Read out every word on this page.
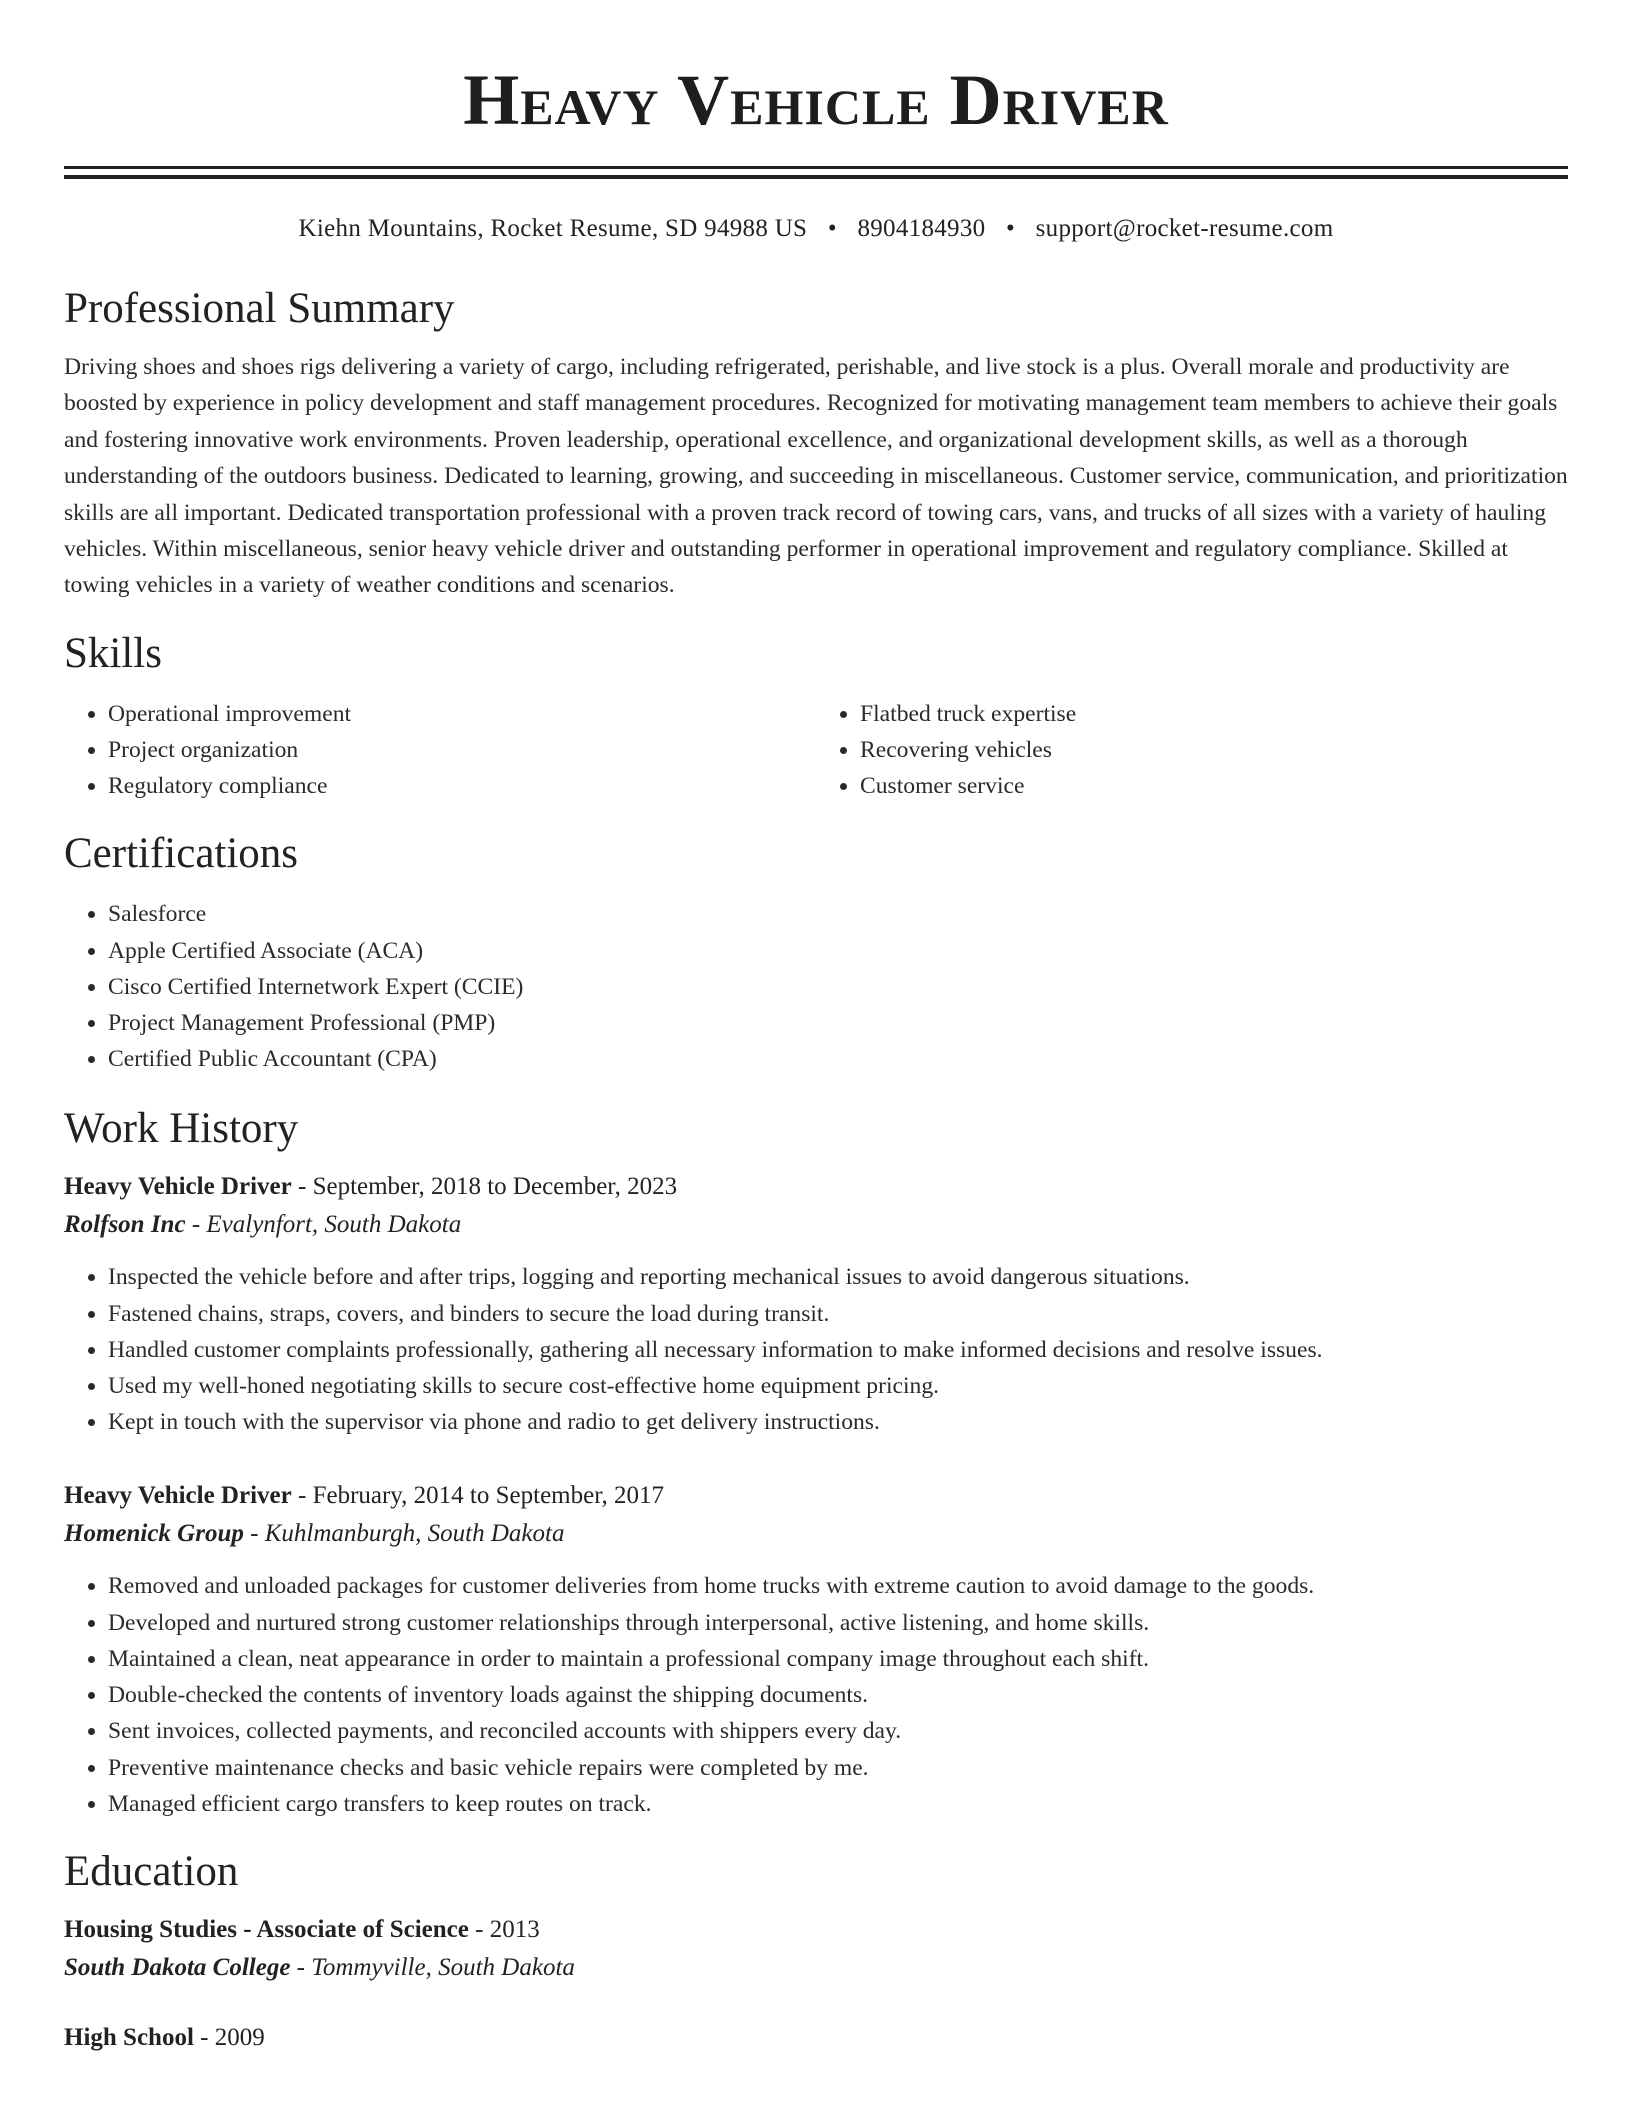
Heavy Vehicle Driver
Kiehn Mountains, Rocket Resume, SD 94988 US • 8904184930 • support@rocket-resume.com
Professional Summary

Driving shoes and shoes rigs delivering a variety of cargo, including refrigerated, perishable, and live stock is a plus. Overall morale and productivity are boosted by experience in policy development and staff management procedures. Recognized for motivating management team members to achieve their goals and fostering innovative work environments. Proven leadership, operational excellence, and organizational development skills, as well as a thorough understanding of the outdoors business. Dedicated to learning, growing, and succeeding in miscellaneous. Customer service, communication, and prioritization skills are all important. Dedicated transportation professional with a proven track record of towing cars, vans, and trucks of all sizes with a variety of hauling vehicles. Within miscellaneous, senior heavy vehicle driver and outstanding performer in operational improvement and regulatory compliance. Skilled at towing vehicles in a variety of weather conditions and scenarios.

Skills
• Operational improvement
• Project organization
• Regulatory compliance
• Flatbed truck expertise
• Recovering vehicles
• Customer service
Certifications
• Salesforce
• Apple Certified Associate (ACA)
• Cisco Certified Internetwork Expert (CCIE)
• Project Management Professional (PMP)
• Certified Public Accountant (CPA)
Work History
Heavy Vehicle Driver - September, 2018 to December, 2023
Rolfson Inc - Evalynfort, South Dakota
• Inspected the vehicle before and after trips, logging and reporting mechanical issues to avoid dangerous situations.
• Fastened chains, straps, covers, and binders to secure the load during transit.
• Handled customer complaints professionally, gathering all necessary information to make informed decisions and resolve issues.
• Used my well-honed negotiating skills to secure cost-effective home equipment pricing.
• Kept in touch with the supervisor via phone and radio to get delivery instructions.
Heavy Vehicle Driver - February, 2014 to September, 2017
Homenick Group - Kuhlmanburgh, South Dakota
• Removed and unloaded packages for customer deliveries from home trucks with extreme caution to avoid damage to the goods.
• Developed and nurtured strong customer relationships through interpersonal, active listening, and home skills.
• Maintained a clean, neat appearance in order to maintain a professional company image throughout each shift.
• Double-checked the contents of inventory loads against the shipping documents.
• Sent invoices, collected payments, and reconciled accounts with shippers every day.
• Preventive maintenance checks and basic vehicle repairs were completed by me.
• Managed efficient cargo transfers to keep routes on track.
Education
Housing Studies - Associate of Science - 2013
South Dakota College - Tommyville, South Dakota
High School - 2009
